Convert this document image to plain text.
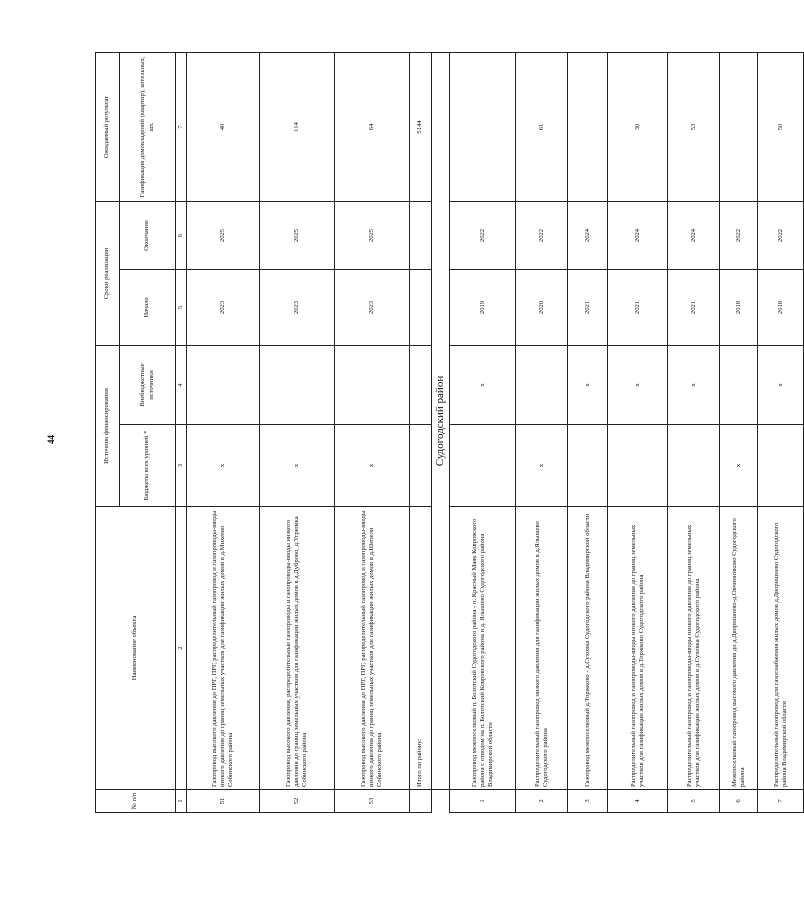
44
№ п/п	Наименование объекта	Источник финансирования		Сроки реализации		Ожидаемый результат
		Бюджеты всех уровней *	Внебюджетные источники	Начало	Окончание	Газификация домовладений (квартир), котельных, шт.
1	2	3	4	5	6	7
51	Газопровод высокого давления до ПРГ, ПРГ, распределительный газопровод и газопроводы-вводы низкого давления до границ земельных участков для газификации жилых домов в д.Михеево Собинского района	х		2023	2025	40
52	Газопровод высокого давления, распределительные газопроводы и газопроводы-вводы низкого давления до границ земельных участков для газификации жилых домов в д.Дуброво, д.Угрюмка Собинского района	х		2023	2025	114
53	Газопровод высокого давления до ПРГ, ПРГ, распределительный газопровод и газопроводы-вводы низкого давления до границ земельных участков для газификации жилых домов в д.Шепели Собинского района	х		2023	2025	64
	Итого по району:					5144
	Судогодский район					
1	Газопровод межпоселковый п. Болотский Судогодского района - п. Красный Маяк Ковровского района с отводом на п. Болотский Ковровского района и д. Ялышево Судогодского района Владимирской области		х	2019	2022	
2	Распределительный газопровод низкого давления для газификации жилых домов в д.Ялышево Судогодского района	х		2020	2022	61
3	Газопровод межпоселковый д.Торжково - д.Суховка Судогодского района Владимирской области		х	2021	2024	
4	Распределительный газопровод и газопроводы-вводы низкого давления до границ земельных участков для газификации жилых домов в д.Торжково Судогодского района		х	2021	2024	30
5	Распределительный газопровод и газопроводы-вводы низкого давления до границ земельных участков для газификации жилых домов в д.Суховка Судогодского района		х	2021	2024	53
6	Межпоселковый газопровод высокого давления до д.Дворишнево-д.Овчинниково Судогодского района	х		2018	2022	
7	Распределительный газопровод для газоснабжения жилых домов д.Дворишнево Судогодского района Владимирской области		х	2018	2022	50
